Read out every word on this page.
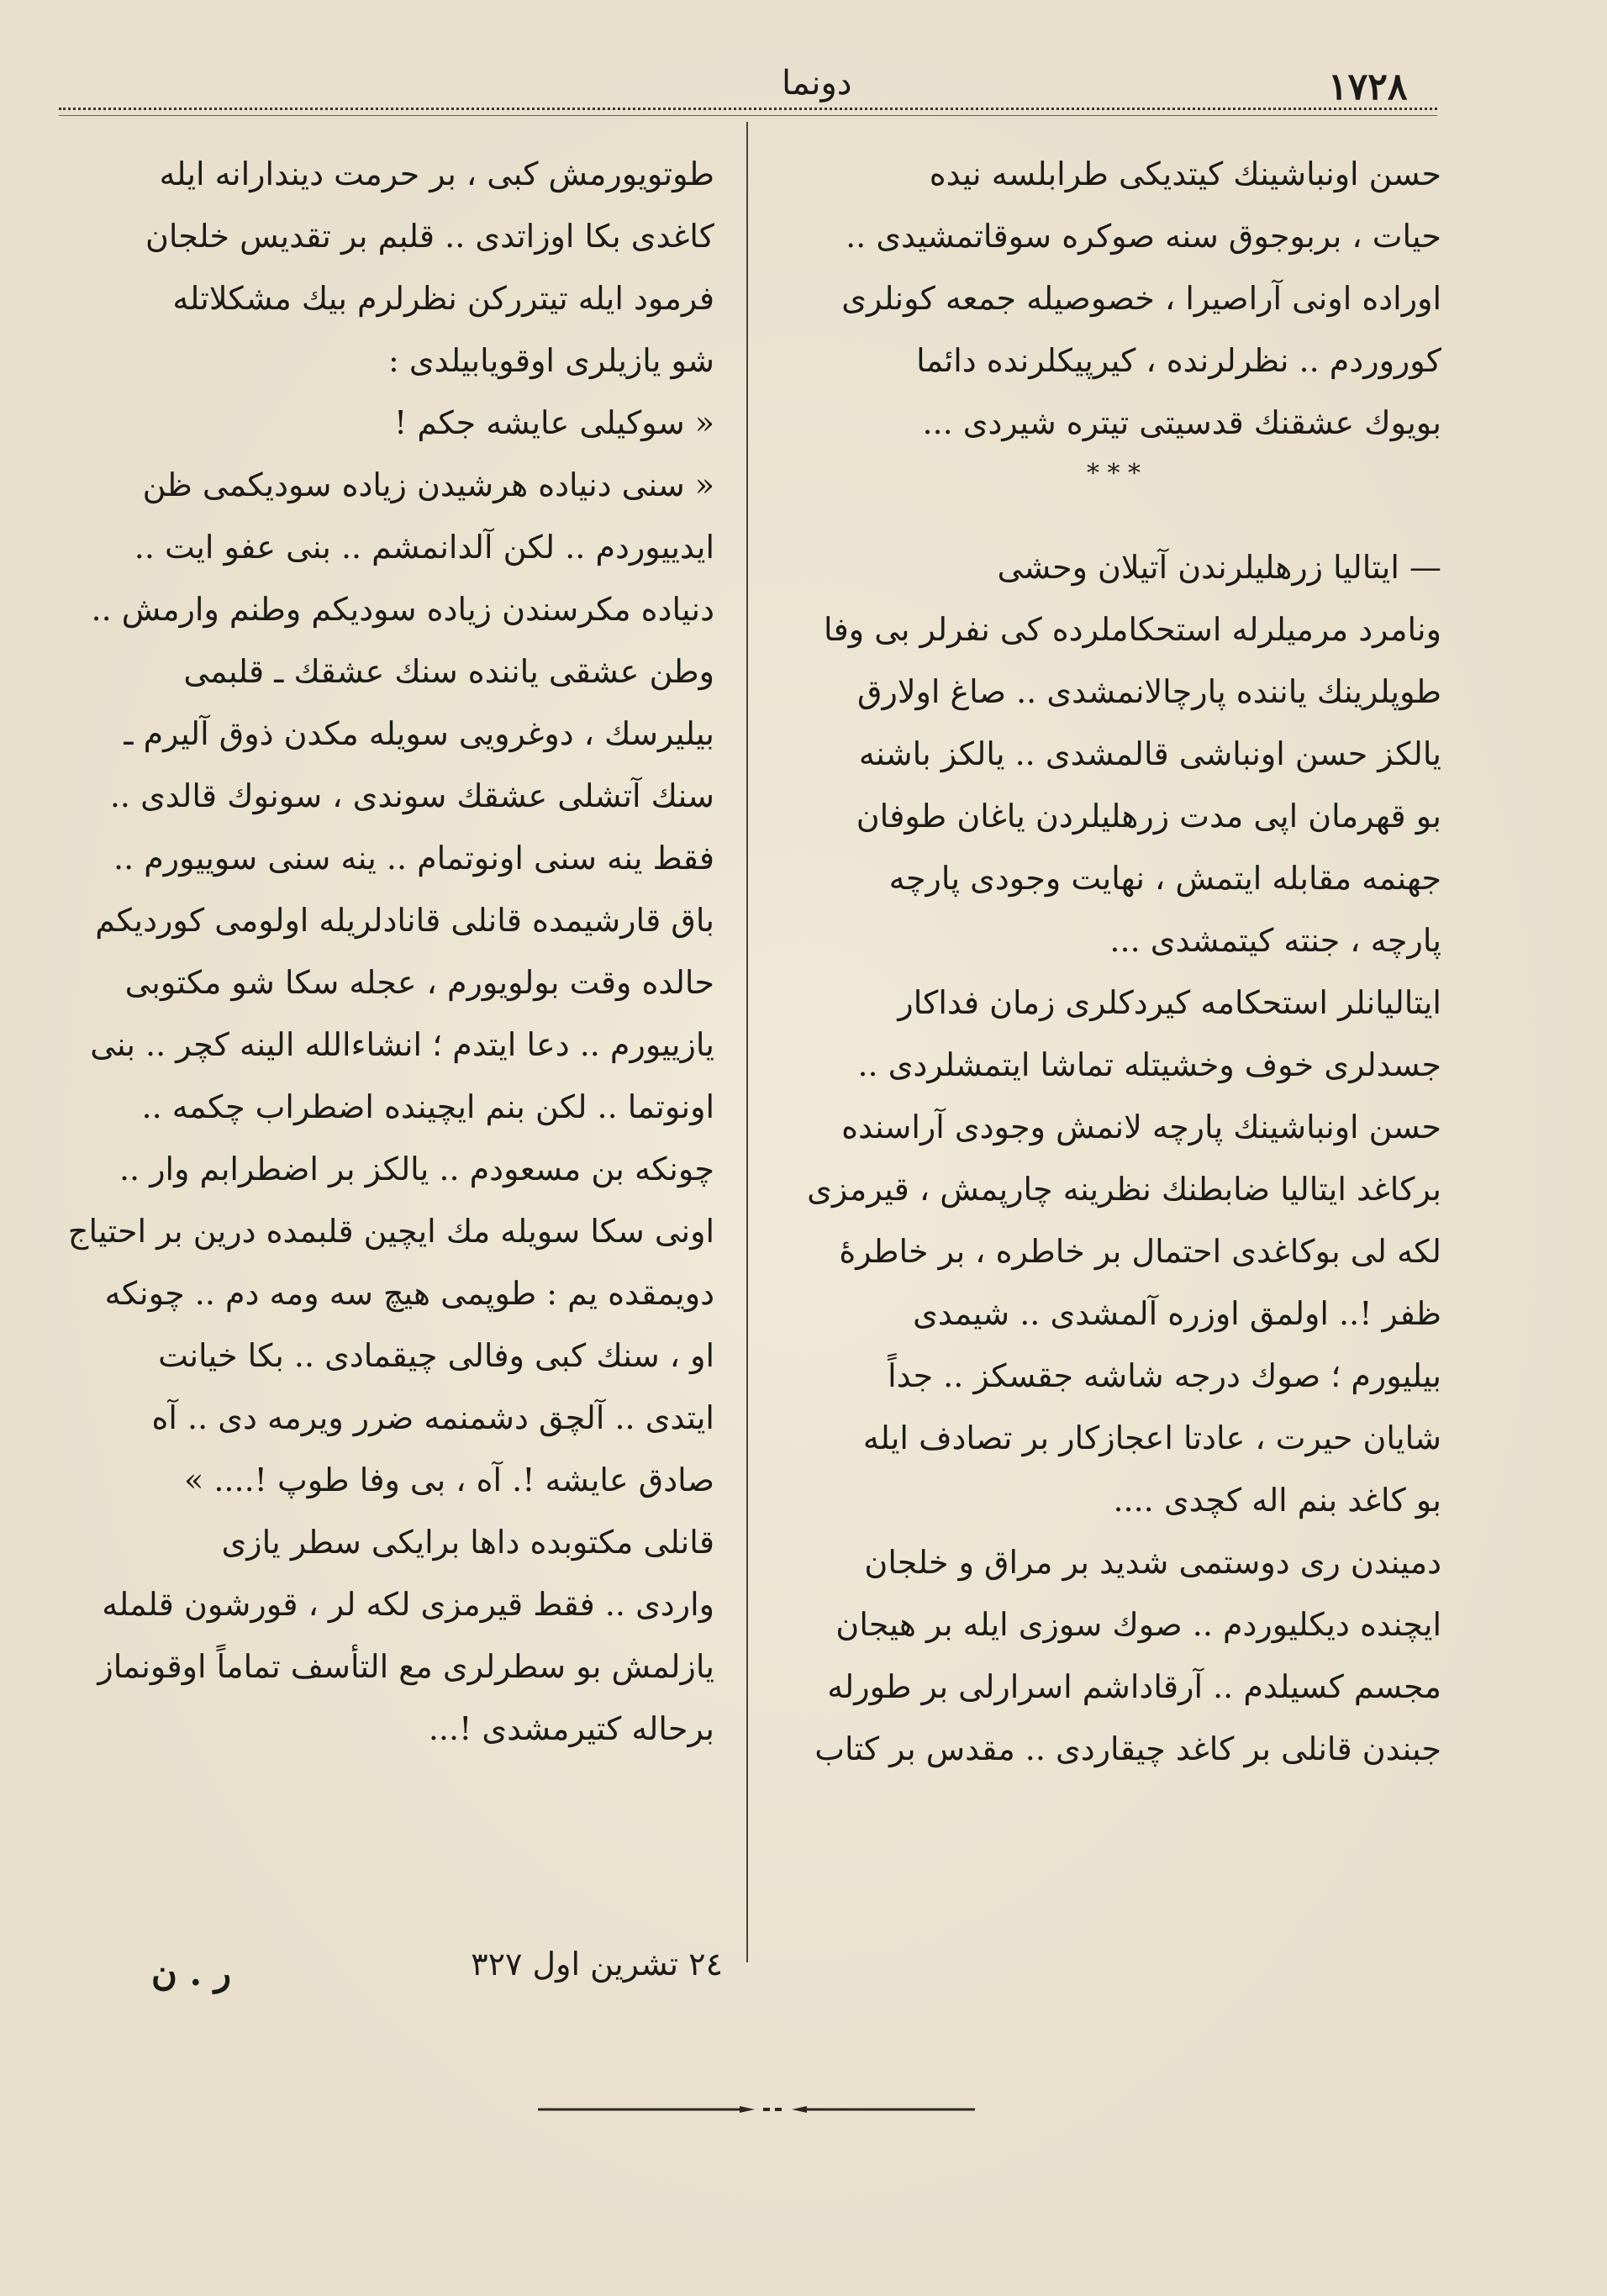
١٧٢٨
دونما
حسن اونباشینك كیتدیكی طرابلسه نیده
حیات ، بربوجوق سنه صوكره سوقاتمشیدی ..
اوراده اونی آراصیرا ، خصوصیله جمعه كونلری
كوروردم .. نظرلرنده ، كیرپیكلرنده دائما
بویوك عشقنك قدسیتی تیتره شیردی ...
* * *
— ایتالیا زرهلیلرندن آتیلان وحشی
ونامرد مرمیلرله استحكاملرده كی نفرلر بی وفا
طوپلرینك یاننده پارچالانمشدی .. صاغ اولارق
یالكز حسن اونباشی قالمشدی .. یالكز باشنه
بو قهرمان اپی مدت زرهلیلردن یاغان طوفان
جهنمه مقابله ایتمش ، نهایت وجودی پارچه
پارچه ، جنته كیتمشدی ...
ایتالیانلر استحكامه كیردكلری زمان فداكار
جسدلری خوف وخشیتله تماشا ایتمشلردی ..
حسن اونباشینك پارچه لانمش وجودی آراسنده
بركاغد ایتالیا ضابطنك نظرینه چارپمش ، قیرمزی
لكه لی بوكاغدی احتمال بر خاطره ، بر خاطرهٔ
ظفر !.. اولمق اوزره آلمشدی .. شیمدی
بیلیورم ؛ صوك درجه شاشه جقسكز .. جداً
شایان حیرت ، عادتا اعجازكار بر تصادف ایله
بو كاغد بنم اله كچدی ....
دمیندن ری دوستمی شدید بر مراق و خلجان
ایچنده دیكلیوردم .. صوك سوزی ایله بر هیجان
مجسم كسیلدم .. آرقاداشم اسرارلی بر طورله
جبندن قانلی بر كاغد چیقاردی .. مقدس بر كتاب
طوتویورمش كبی ، بر حرمت دیندارانه ایله
كاغدی بكا اوزاتدی .. قلبم بر تقدیس خلجان
فرمود ایله تیترركن نظرلرم بیك مشكلاتله
شو یازیلری اوقویابیلدی :
« سوكیلی عایشه جكم !
« سنی دنیاده هرشیدن زیاده سودیكمی ظن
ایدییوردم .. لكن آلدانمشم .. بنی عفو ایت ..
دنیاده مكرسندن زیاده سودیكم وطنم وارمش ..
وطن عشقی یاننده سنك عشقك ـ قلبمی
بیلیرسك ، دوغرویی سویله مكدن ذوق آلیرم ـ
سنك آتشلی عشقك سوندی ، سونوك قالدی ..
فقط ینه سنی اونوتمام .. ینه سنی سوییورم ..
باق قارشیمده قانلی قانادلریله اولومی كوردیكم
حالده وقت بولویورم ، عجله سكا شو مكتوبی
یازییورم .. دعا ایتدم ؛ انشاءالله الینه كچر .. بنی
اونوتما .. لكن بنم ایچینده اضطراب چكمه ..
چونكه بن مسعودم .. یالكز بر اضطرابم وار ..
اونی سكا سویله مك ایچین قلبمده درین بر احتیاج
دویمقده یم : طوپمی هیچ سه ومه دم .. چونكه
او ، سنك كبی وفالی چیقمادی .. بكا خیانت
ایتدی .. آلچق دشمنمه ضرر ویرمه دی .. آه
صادق عایشه !. آه ، بی وفا طوپ !.... »
قانلی مكتوبده داها برایكی سطر یازی
واردی .. فقط قیرمزی لكه لر ، قورشون قلمله
یازلمش بو سطرلری مع التأسف تماماً اوقونماز
برحاله كتیرمشدی !...
٢٤ تشرین اول ٣٢٧
ر . ن
